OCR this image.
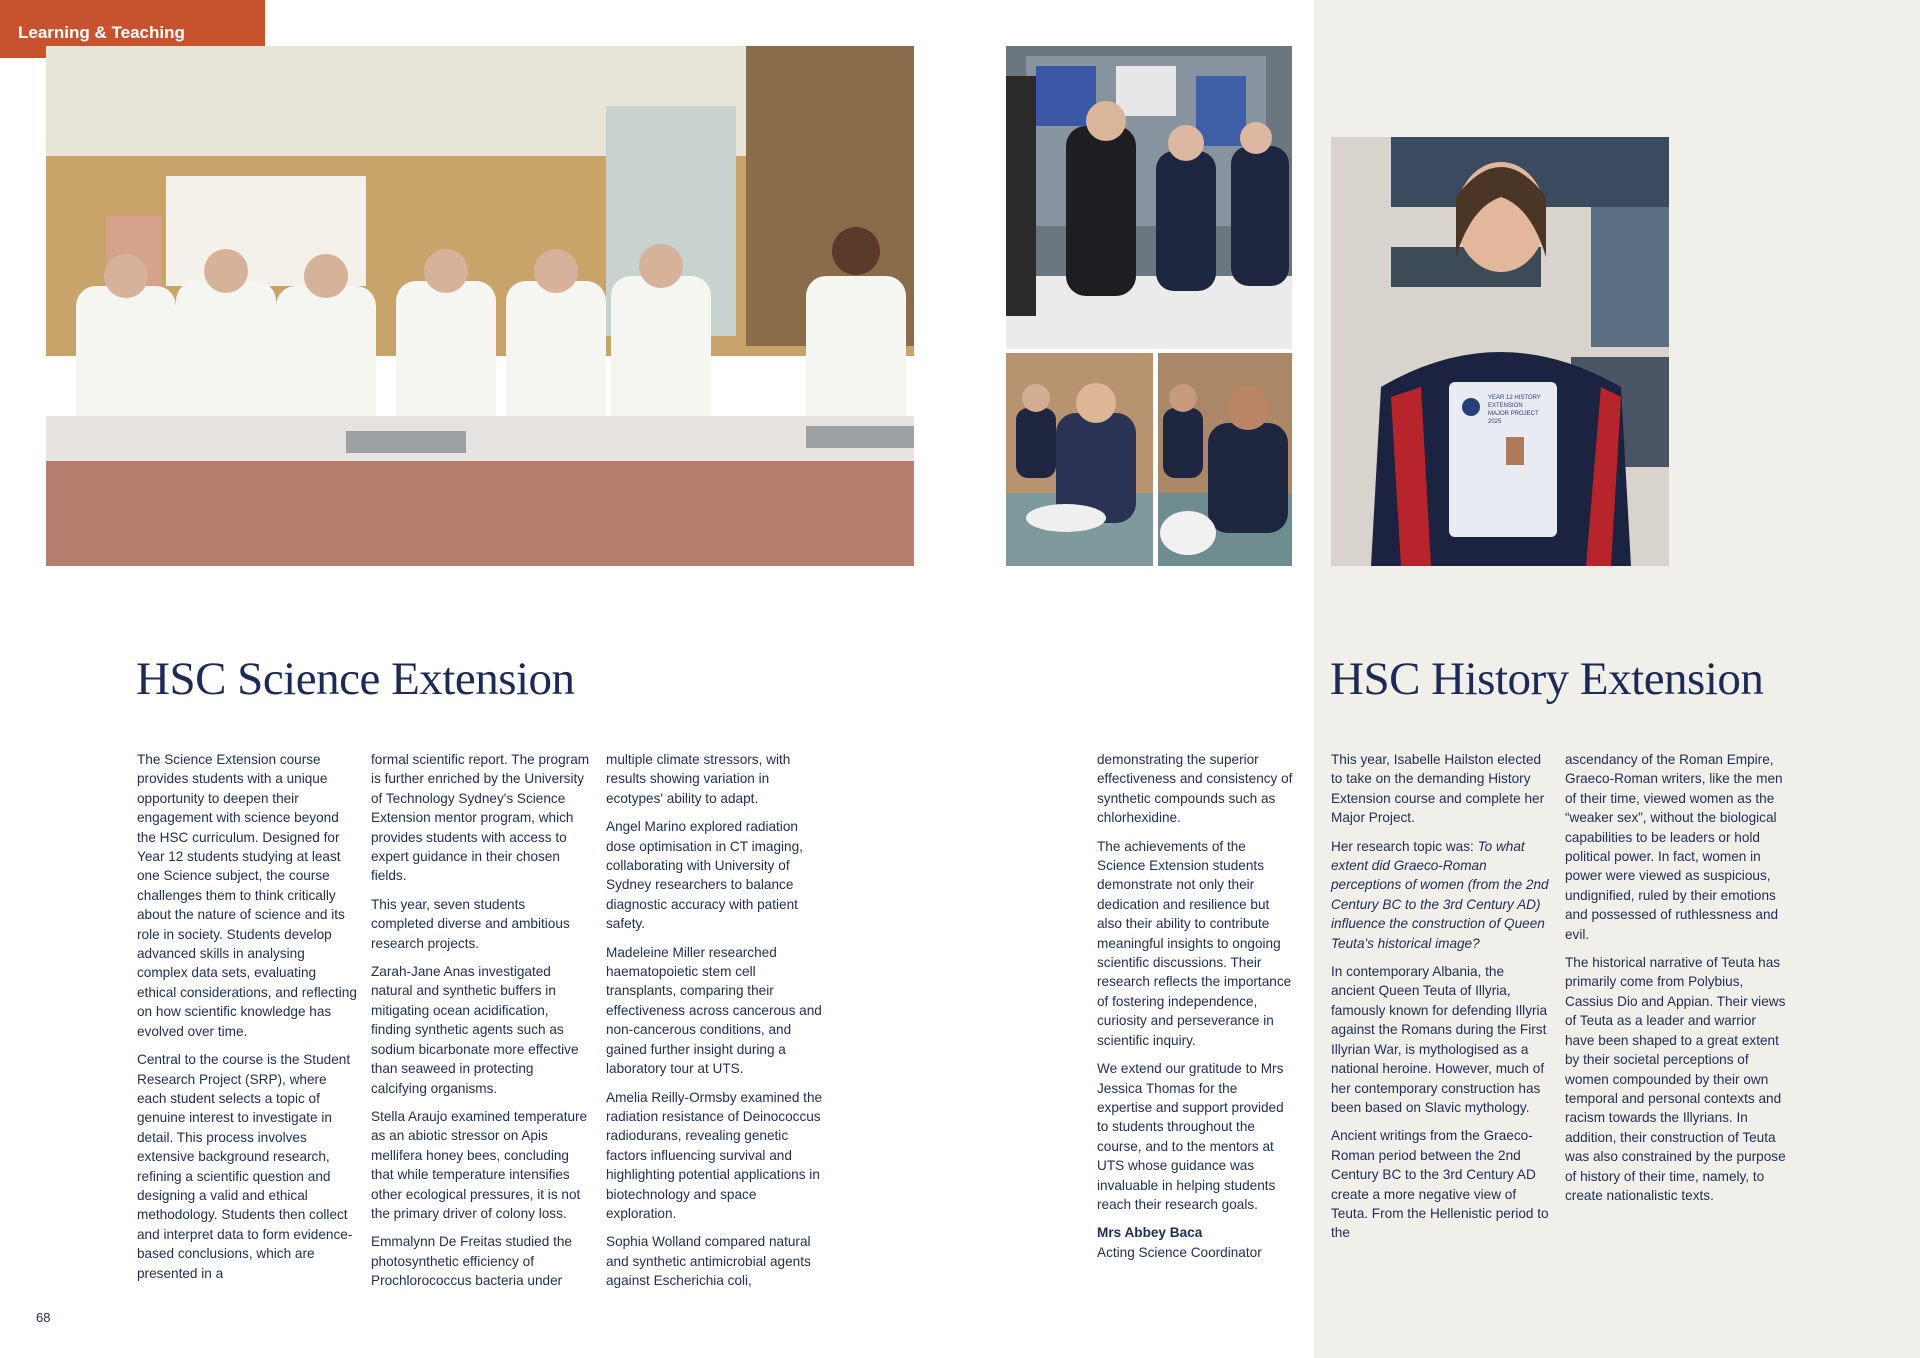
Learning & Teaching
YEAR 12 HISTORY
EXTENSION
MAJOR PROJECT
2025
HSC Science Extension	HSC History Extension

The Science Extension course provides students with a unique opportunity to deepen their engagement with science beyond the HSC curriculum. Designed for Year 12 students studying at least one Science subject, the course challenges them to think critically about the nature of science and its role in society. Students develop advanced skills in analysing complex data sets, evaluating ethical considerations, and reflecting on how scientific knowledge has evolved over time.

Central to the course is the Student Research Project (SRP), where each student selects a topic of genuine interest to investigate in detail. This process involves extensive background research, refining a scientific question and designing a valid and ethical methodology. Students then collect and interpret data to form evidence-based conclusions, which are presented in a

formal scientific report. The program is further enriched by the University of Technology Sydney's Science Extension mentor program, which provides students with access to expert guidance in their chosen fields.

This year, seven students completed diverse and ambitious research projects.

Zarah-Jane Anas investigated natural and synthetic buffers in mitigating ocean acidification, finding synthetic agents such as sodium bicarbonate more effective than seaweed in protecting calcifying organisms.

Stella Araujo examined temperature as an abiotic stressor on Apis mellifera honey bees, concluding that while temperature intensifies other ecological pressures, it is not the primary driver of colony loss.

Emmalynn De Freitas studied the photosynthetic efficiency of Prochlorococcus bacteria under

multiple climate stressors, with results showing variation in ecotypes' ability to adapt.

Angel Marino explored radiation dose optimisation in CT imaging, collaborating with University of Sydney researchers to balance diagnostic accuracy with patient safety.

Madeleine Miller researched haematopoietic stem cell transplants, comparing their effectiveness across cancerous and non-cancerous conditions, and gained further insight during a laboratory tour at UTS.

Amelia Reilly-Ormsby examined the radiation resistance of Deinococcus radiodurans, revealing genetic factors influencing survival and highlighting potential applications in biotechnology and space exploration.

Sophia Wolland compared natural and synthetic antimicrobial agents against Escherichia coli,

demonstrating the superior effectiveness and consistency of synthetic compounds such as chlorhexidine.

The achievements of the Science Extension students demonstrate not only their dedication and resilience but also their ability to contribute meaningful insights to ongoing scientific discussions. Their research reflects the importance of fostering independence, curiosity and perseverance in scientific inquiry.

We extend our gratitude to Mrs Jessica Thomas for the expertise and support provided to students throughout the course, and to the mentors at UTS whose guidance was invaluable in helping students reach their research goals.

Mrs Abbey Baca
Acting Science Coordinator

This year, Isabelle Hailston elected to take on the demanding History Extension course and complete her Major Project.

Her research topic was: To what extent did Graeco-Roman perceptions of women (from the 2nd Century BC to the 3rd Century AD) influence the construction of Queen Teuta's historical image?

In contemporary Albania, the ancient Queen Teuta of Illyria, famously known for defending Illyria against the Romans during the First Illyrian War, is mythologised as a national heroine. However, much of her contemporary construction has been based on Slavic mythology.

Ancient writings from the Graeco-Roman period between the 2nd Century BC to the 3rd Century AD create a more negative view of Teuta. From the Hellenistic period to the

ascendancy of the Roman Empire, Graeco-Roman writers, like the men of their time, viewed women as the “weaker sex”, without the biological capabilities to be leaders or hold political power. In fact, women in power were viewed as suspicious, undignified, ruled by their emotions and possessed of ruthlessness and evil.

The historical narrative of Teuta has primarily come from Polybius, Cassius Dio and Appian. Their views of Teuta as a leader and warrior have been shaped to a great extent by their societal perceptions of women compounded by their own temporal and personal contexts and racism towards the Illyrians. In addition, their construction of Teuta was also constrained by the purpose of history of their time, namely, to create nationalistic texts.

68
